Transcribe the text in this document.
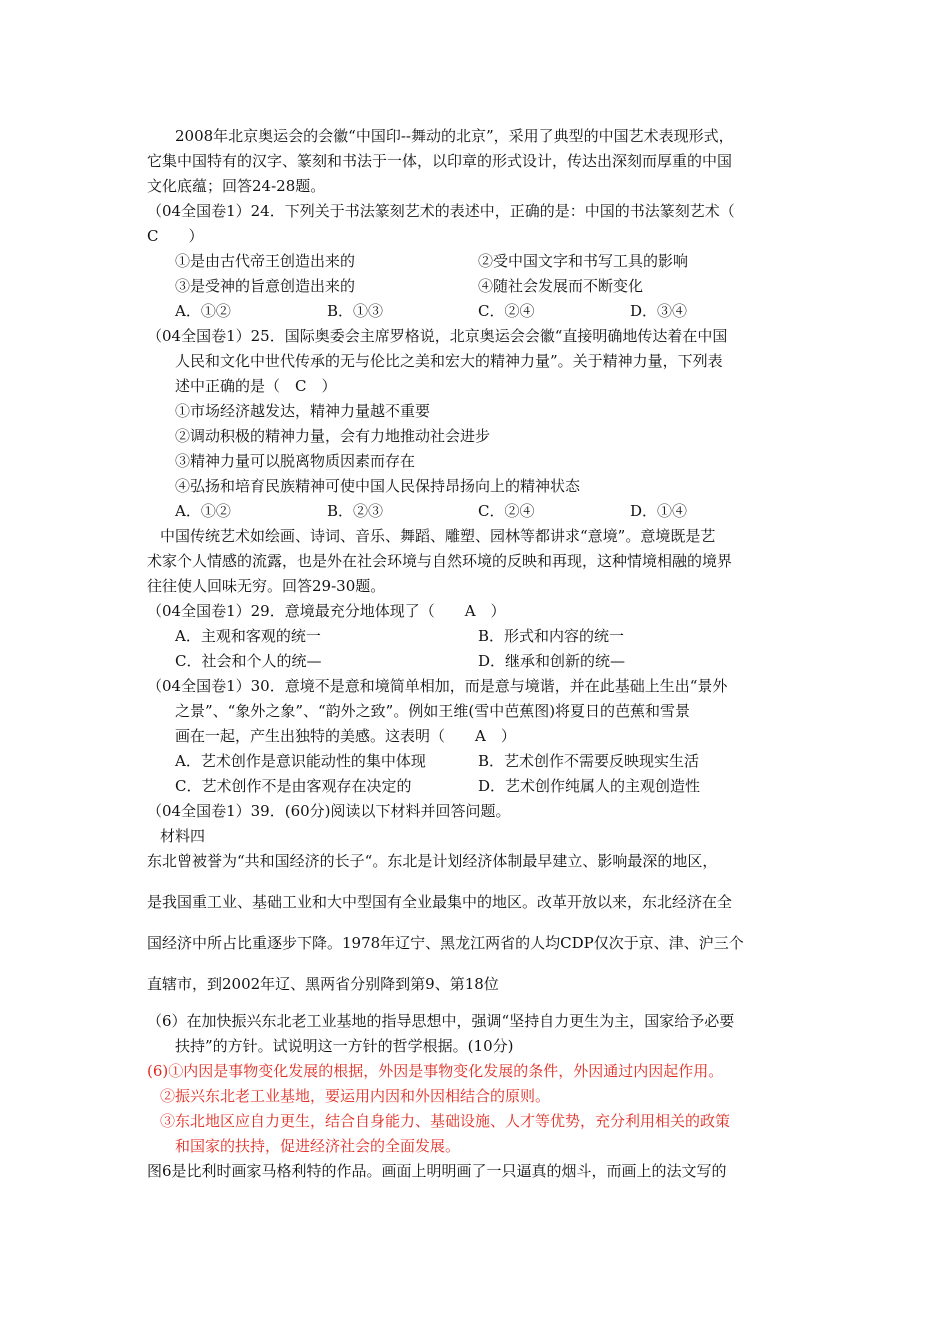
2008年北京奥运会的会徽“中国印--舞动的北京”，采用了典型的中国艺术表现形式，
它集中国特有的汉字、篆刻和书法于一体，以印章的形式设计，传达出深刻而厚重的中国
文化底蕴；回答24-28题。
（04全国卷1）24．下列关于书法篆刻艺术的表述中，正确的是：中国的书法篆刻艺术（
C　　）
①是由古代帝王创造出来的	②受中国文字和书写工具的影响
③是受神的旨意创造出来的	④随社会发展而不断变化
A．①②	B．①③	C．②④	D．③④
（04全国卷1）25．国际奥委会主席罗格说，北京奥运会会徽“直接明确地传达着在中国
人民和文化中世代传承的无与伦比之美和宏大的精神力量”。关于精神力量，下列表
述中正确的是（　C　）
①市场经济越发达，精神力量越不重要
②调动积极的精神力量，会有力地推动社会进步
③精神力量可以脱离物质因素而存在
④弘扬和培育民族精神可使中国人民保持昂扬向上的精神状态
A．①②	B．②③	C．②④	D．①④
中国传统艺术如绘画、诗词、音乐、舞蹈、雕塑、园林等都讲求“意境”。意境既是艺
术家个人情感的流露，也是外在社会环境与自然环境的反映和再现，这种情境相融的境界
往往使人回味无穷。回答29-30题。
（04全国卷1）29．意境最充分地体现了（　　A　）
A．主观和客观的统一	B．形式和内容的统一
C．社会和个人的统—	D．继承和创新的统—
（04全国卷1）30．意境不是意和境简单相加，而是意与境谐，并在此基础上生出“景外
之景”、“象外之象”、“韵外之致”。例如王维(雪中芭蕉图)将夏日的芭蕉和雪景
画在一起，产生出独特的美感。这表明（　　A　）
A．艺术创作是意识能动性的集中体现	B．艺术创作不需要反映现实生活
C．艺术创作不是由客观存在决定的	D．艺术创作纯属人的主观创造性
（04全国卷1）39．(60分)阅读以下材料并回答问题。
材料四
东北曾被誉为“共和国经济的长子“。东北是计划经济体制最早建立、影响最深的地区，
是我国重工业、基础工业和大中型国有全业最集中的地区。改革开放以来，东北经济在全
国经济中所占比重逐步下降。1978年辽宁、黑龙江两省的人均CDP仅次于京、津、沪三个
直辖市，到2002年辽、黑两省分别降到第9、第18位
（6）在加快振兴东北老工业基地的指导思想中，强调“坚持自力更生为主，国家给予必要
扶持”的方针。试说明这一方针的哲学根据。(10分)
(6)①内因是事物变化发展的根据，外因是事物变化发展的条件，外因通过内因起作用。
②振兴东北老工业基地，要运用内因和外因相结合的原则。
③东北地区应自力更生，结合自身能力、基础设施、人才等优势，充分利用相关的政策
和国家的扶持，促进经济社会的全面发展。
图6是比利时画家马格利特的作品。画面上明明画了一只逼真的烟斗，而画上的法文写的
